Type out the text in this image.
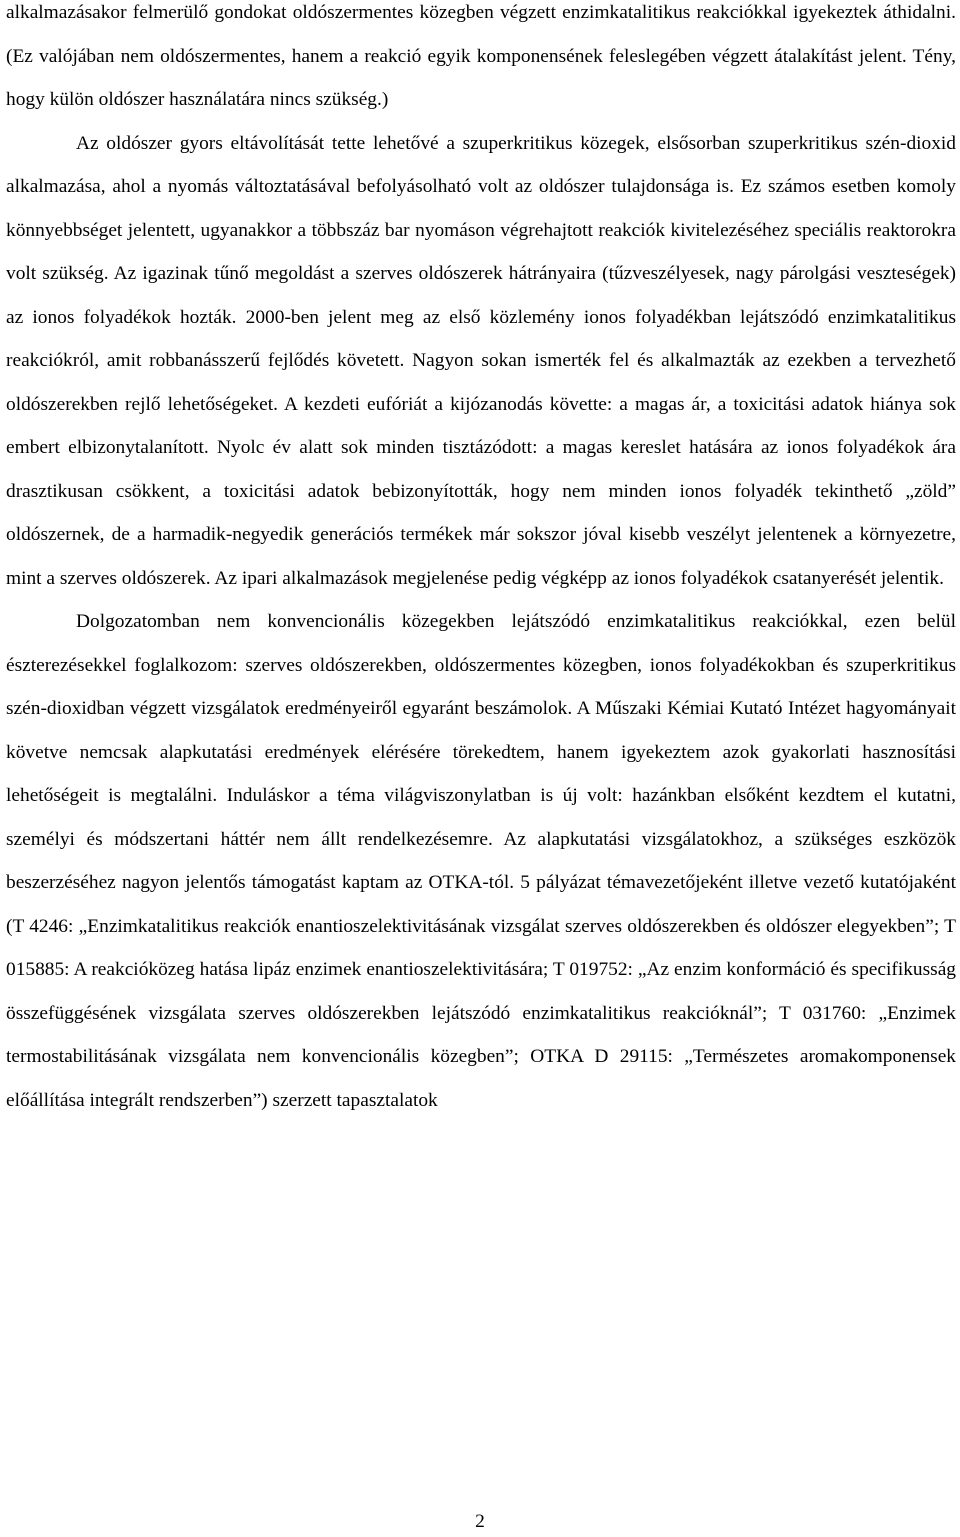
alkalmazásakor felmerülő gondokat oldószermentes közegben végzett enzimkatalitikus reakciókkal igyekeztek áthidalni. (Ez valójában nem oldószermentes, hanem a reakció egyik komponensének feleslegében végzett átalakítást jelent. Tény, hogy külön oldószer használatára nincs szükség.)

Az oldószer gyors eltávolítását tette lehetővé a szuperkritikus közegek, elsősorban szuperkritikus szén-dioxid alkalmazása, ahol a nyomás változtatásával befolyásolható volt az oldószer tulajdonsága is. Ez számos esetben komoly könnyebbséget jelentett, ugyanakkor a többszáz bar nyomáson végrehajtott reakciók kivitelezéséhez speciális reaktorokra volt szükség. Az igazinak tűnő megoldást a szerves oldószerek hátrányaira (tűzveszélyesek, nagy párolgási veszteségek) az ionos folyadékok hozták. 2000-ben jelent meg az első közlemény ionos folyadékban lejátszódó enzimkatalitikus reakciókról, amit robbanásszerű fejlődés követett. Nagyon sokan ismerték fel és alkalmazták az ezekben a tervezhető oldószerekben rejlő lehetőségeket. A kezdeti eufóriát a kijózanodás követte: a magas ár, a toxicitási adatok hiánya sok embert elbizonytalanított. Nyolc év alatt sok minden tisztázódott: a magas kereslet hatására az ionos folyadékok ára drasztikusan csökkent, a toxicitási adatok bebizonyították, hogy nem minden ionos folyadék tekinthető „zöld” oldószernek, de a harmadik-negyedik generációs termékek már sokszor jóval kisebb veszélyt jelentenek a környezetre, mint a szerves oldószerek. Az ipari alkalmazások megjelenése pedig végképp az ionos folyadékok csatanyerését jelentik.

Dolgozatomban nem konvencionális közegekben lejátszódó enzimkatalitikus reakciókkal, ezen belül észterezésekkel foglalkozom: szerves oldószerekben, oldószermentes közegben, ionos folyadékokban és szuperkritikus szén-dioxidban végzett vizsgálatok eredményeiről egyaránt beszámolok. A Műszaki Kémiai Kutató Intézet hagyományait követve nemcsak alapkutatási eredmények elérésére törekedtem, hanem igyekeztem azok gyakorlati hasznosítási lehetőségeit is megtalálni. Induláskor a téma világviszonylatban is új volt: hazánkban elsőként kezdtem el kutatni, személyi és módszertani háttér nem állt rendelkezésemre. Az alapkutatási vizsgálatokhoz, a szükséges eszközök beszerzéséhez nagyon jelentős támogatást kaptam az OTKA-tól. 5 pályázat témavezetőjeként illetve vezető kutatójaként (T 4246: „Enzimkatalitikus reakciók enantioszelektivitásának vizsgálat szerves oldószerekben és oldószer elegyekben”; T 015885: A reakcióközeg hatása lipáz enzimek enantioszelektivitására; T 019752: „Az enzim konformáció és specifikusság összefüggésének vizsgálata szerves oldószerekben lejátszódó enzimkatalitikus reakcióknál”; T 031760: „Enzimek termostabilitásának vizsgálata nem konvencionális közegben”; OTKA D 29115: „Természetes aromakomponensek előállítása integrált rendszerben”) szerzett tapasztalatok

2
